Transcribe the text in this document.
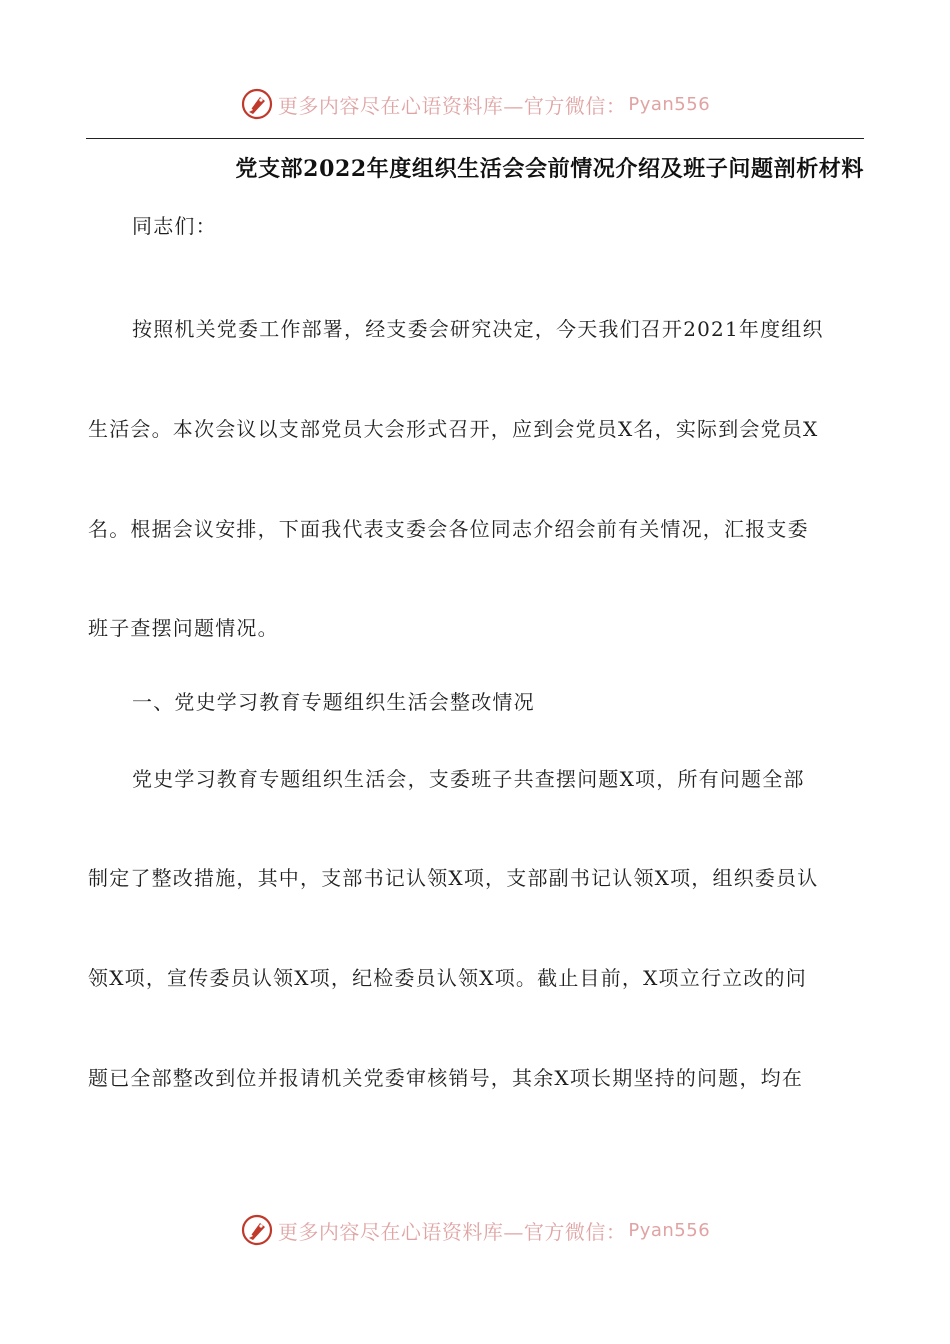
更多内容尽在心语资料库—官方微信： Pyan556
党支部2022年度组织生活会会前情况介绍及班子问题剖析材料
同志们：
按照机关党委工作部署，经支委会研究决定，今天我们召开2021年度组织
生活会。本次会议以支部党员大会形式召开，应到会党员X名，实际到会党员X
名。根据会议安排，下面我代表支委会各位同志介绍会前有关情况，汇报支委
班子查摆问题情况。
一、党史学习教育专题组织生活会整改情况
党史学习教育专题组织生活会，支委班子共查摆问题X项，所有问题全部
制定了整改措施，其中，支部书记认领X项，支部副书记认领X项，组织委员认
领X项，宣传委员认领X项，纪检委员认领X项。截止目前，X项立行立改的问
题已全部整改到位并报请机关党委审核销号，其余X项长期坚持的问题，均在
更多内容尽在心语资料库—官方微信： Pyan556
